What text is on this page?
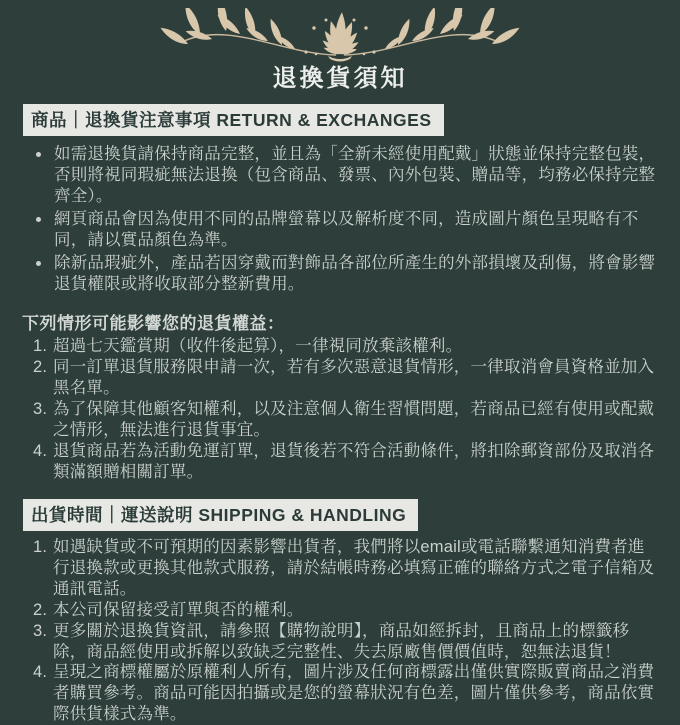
退換貨須知
商品｜退換貨注意事項 RETURN & EXCHANGES
• 如需退換貨請保持商品完整，並且為「全新未經使用配戴」狀態並保持完整包裝，否則將視同瑕疵無法退換（包含商品、發票、內外包裝、贈品等，均務必保持完整齊全）。
• 網頁商品會因為使用不同的品牌螢幕以及解析度不同，造成圖片顏色呈現略有不同，請以實品顏色為準。
• 除新品瑕疵外，產品若因穿戴而對飾品各部位所產生的外部損壞及刮傷，將會影響退貨權限或將收取部分整新費用。
下列情形可能影響您的退貨權益：
1. 超過七天鑑賞期（收件後起算），一律視同放棄該權利。
2. 同一訂單退貨服務限申請一次，若有多次惡意退貨情形，一律取消會員資格並加入黑名單。
3. 為了保障其他顧客知權利，以及注意個人衛生習慣問題，若商品已經有使用或配戴之情形，無法進行退貨事宜。
4. 退貨商品若為活動免運訂單，退貨後若不符合活動條件，將扣除郵資部份及取消各類滿額贈相關訂單。
出貨時間｜運送說明 SHIPPING & HANDLING
1. 如遇缺貨或不可預期的因素影響出貨者，我們將以email或電話聯繫通知消費者進行退換款或更換其他款式服務，請於結帳時務必填寫正確的聯絡方式之電子信箱及通訊電話。
2. 本公司保留接受訂單與否的權利。
3. 更多關於退換貨資訊，請參照【購物說明】，商品如經拆封，且商品上的標籤移除，商品經使用或拆解以致缺乏完整性、失去原廠售價價值時，恕無法退貨！
4. 呈現之商標權屬於原權利人所有，圖片涉及任何商標露出僅供實際販賣商品之消費者購買參考。商品可能因拍攝或是您的螢幕狀況有色差，圖片僅供參考，商品依實際供貨樣式為準。
